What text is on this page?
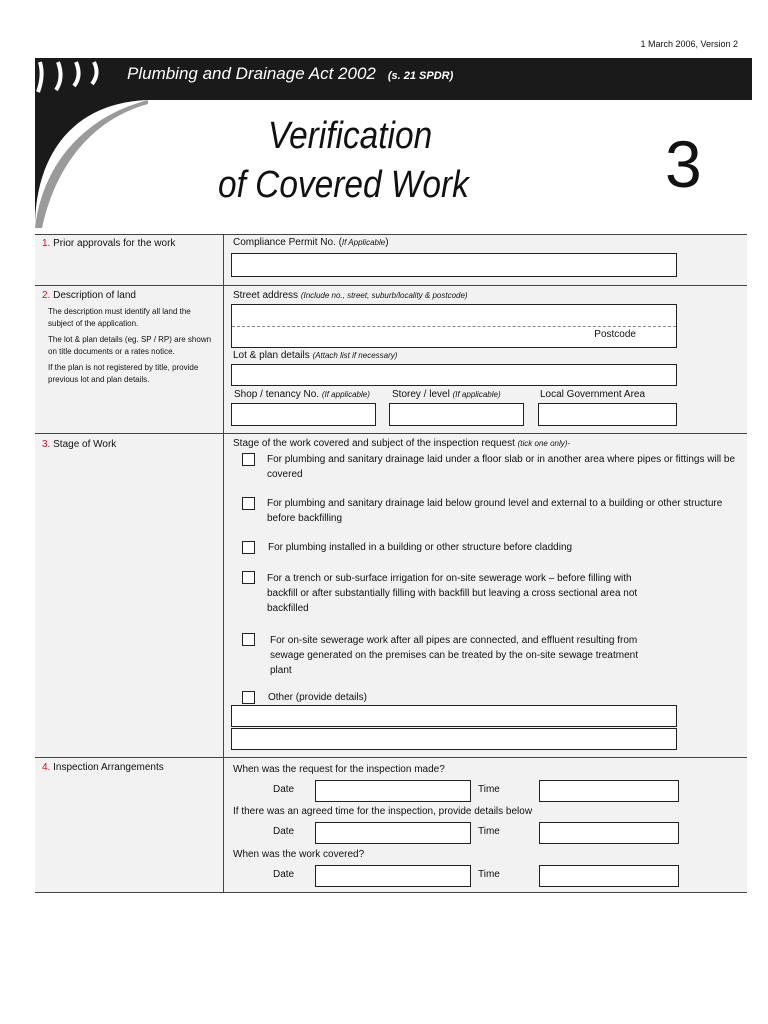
1 March 2006, Version 2
Plumbing and Drainage Act 2002 (s. 21 SPDR)
Verification
of Covered Work	3
1. Prior approvals for the work	Compliance Permit No. (If Applicable)
2. Description of land
The description must identify all land the subject of the application.
The lot & plan details (eg. SP / RP) are shown on title documents or a rates notice.
If the plan is not registered by title, provide previous lot and plan details.
Street address (Include no., street, suburb/locality & postcode)
Postcode
Lot & plan details (Attach list if necessary)
Shop / tenancy No. (If applicable) Storey / level (If applicable)	Local Government Area
3. Stage of Work	Stage of the work covered and subject of the inspection request (tick one only)-
For plumbing and sanitary drainage laid under a floor slab or in another area where pipes or fittings will be covered
For plumbing and sanitary drainage laid below ground level and external to a building or other structure before backfilling
For plumbing installed in a building or other structure before cladding
For a trench or sub-surface irrigation for on-site sewerage work – before filling with backfill or after substantially filling with backfill but leaving a cross sectional area not backfilled
For on-site sewerage work after all pipes are connected, and effluent resulting from sewage generated on the premises can be treated by the on-site sewage treatment plant
Other (provide details)
4. Inspection Arrangements	When was the request for the inspection made?
Date	Time
If there was an agreed time for the inspection, provide details below
Date	Time
When was the work covered?
Date	Time
